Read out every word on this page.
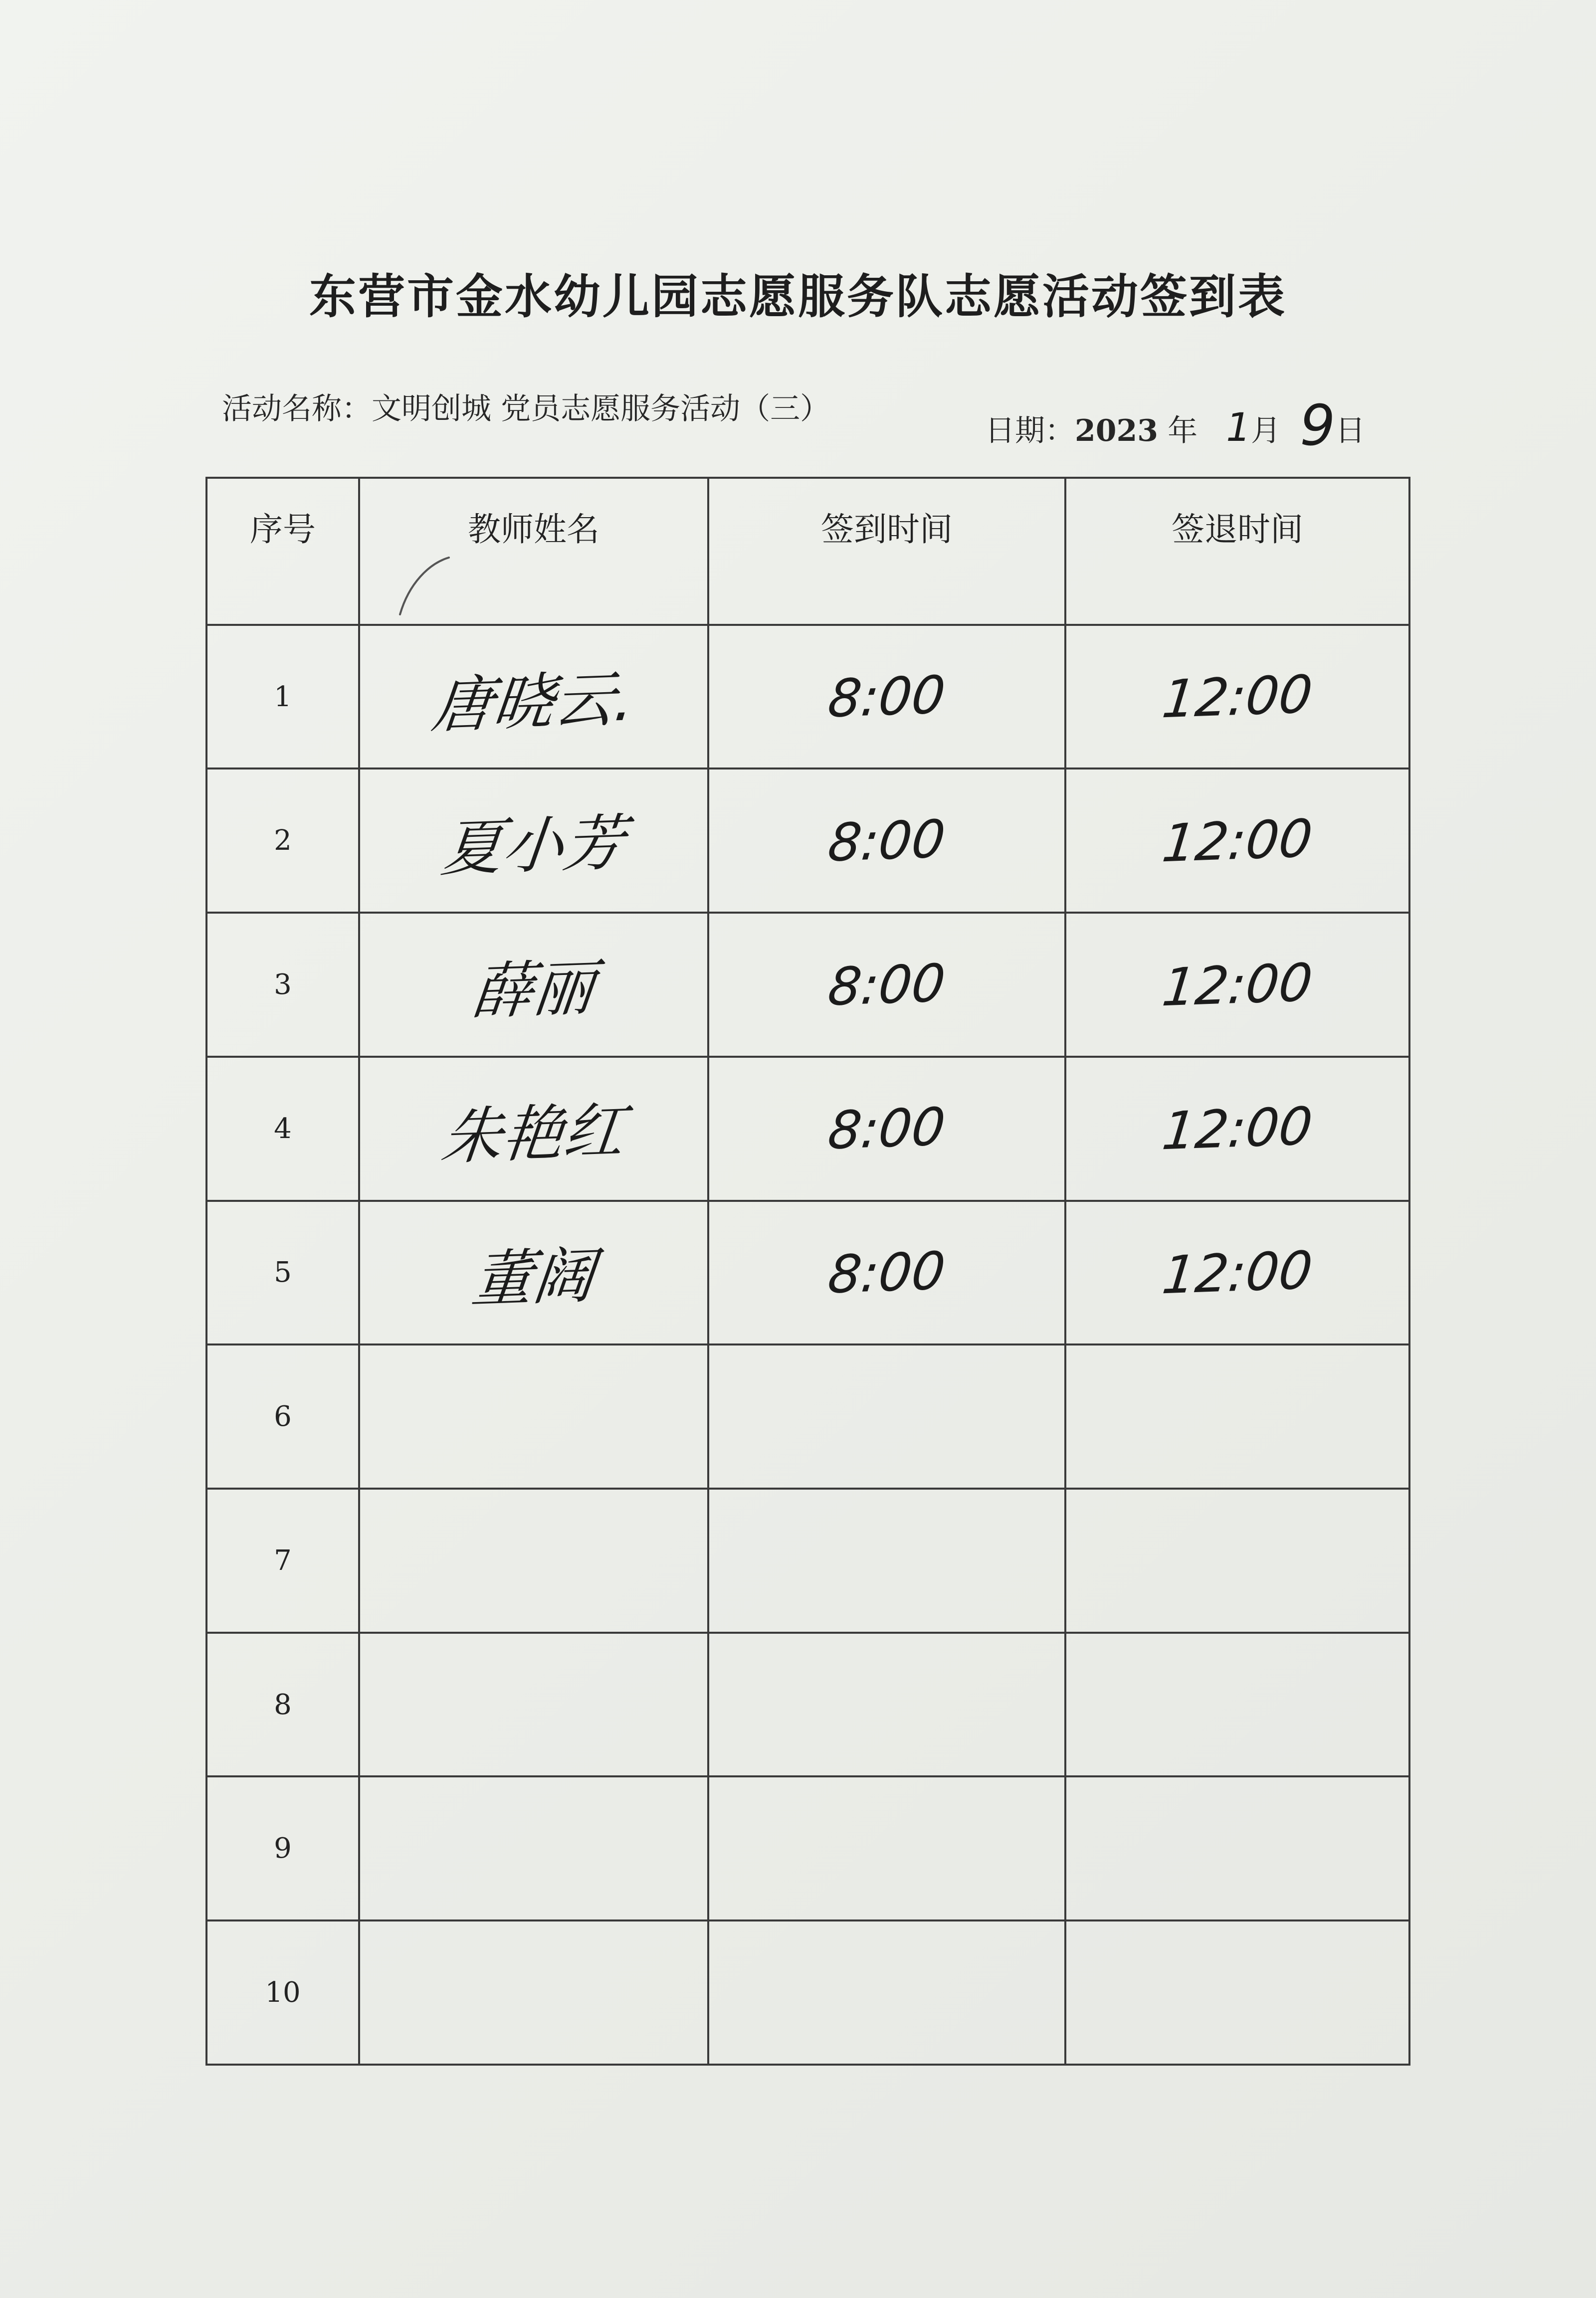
东营市金水幼儿园志愿服务队志愿活动签到表
活动名称：文明创城 党员志愿服务活动（三）
日期：2023 年 1月 9日
序号	教师姓名	签到时间	签退时间
1	唐晓云.	8:00	12:00
2	夏小芳	8:00	12:00
3	薛丽	8:00	12:00
4	朱艳红	8:00	12:00
5	董阔	8:00	12:00
6			
7			
8			
9			
10			
